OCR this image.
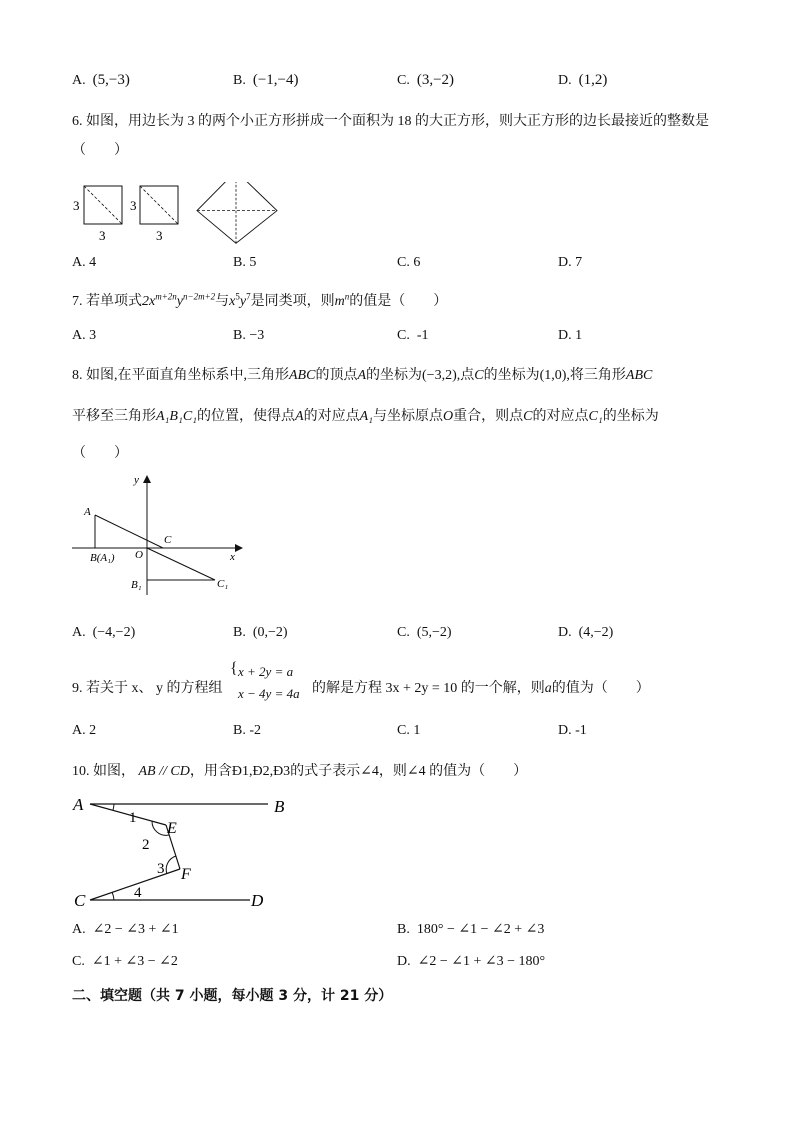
A. (5,−3)	B. (−1,−4)	C. (3,−2)	D. (1,2)
6. 如图，用边长为 3 的两个小正方形拼成一个面积为 18 的大正方形，则大正方形的边长最接近的整数是
（　　）
3
3
3
3
A. 4	B. 5	C. 6	D. 7
7. 若单项式$2x^{m+2n}y^{n-2m+2}$与$x^5y^7$是同类项，则$m^n$的值是（　　）
A. 3	B. −3	C. -1	D. 1
8. 如图,在平面直角坐标系中,三角形ABC的顶点A的坐标为(−3,2),点C的坐标为(1,0),将三角形ABC
平移至三角形A₁B₁C₁的位置，使得点A的对应点A₁与坐标原点O重合，则点C的对应点C₁的坐标为
（　　）
y
x
A
B(A₁) O
C
B₁	C₁
A. (−4,−2)	B. (0,−2)	C. (5,−2)	D. (4,−2)
9. 若关于 x、 y 的方程组
{ x + 2y = a
x − 4y = 4a 的解是方程 3x + 2y = 10 的一个解，则a的值为（　　）
A. 2	B. -2	C. 1	D. -1
10. 如图， AB // CD，用含Ð1,Ð2,Ð3的式子表示∠4，则∠4 的值为（　　）
A	B
C	D
E
F
1
2
3
4
A. ∠2 − ∠3 + ∠1	B. 180° − ∠1 − ∠2 + ∠3
C. ∠1 + ∠3 − ∠2	D. ∠2 − ∠1 + ∠3 − 180°
二、填空题（共 7 小题，每小题 3 分，计 21 分）
